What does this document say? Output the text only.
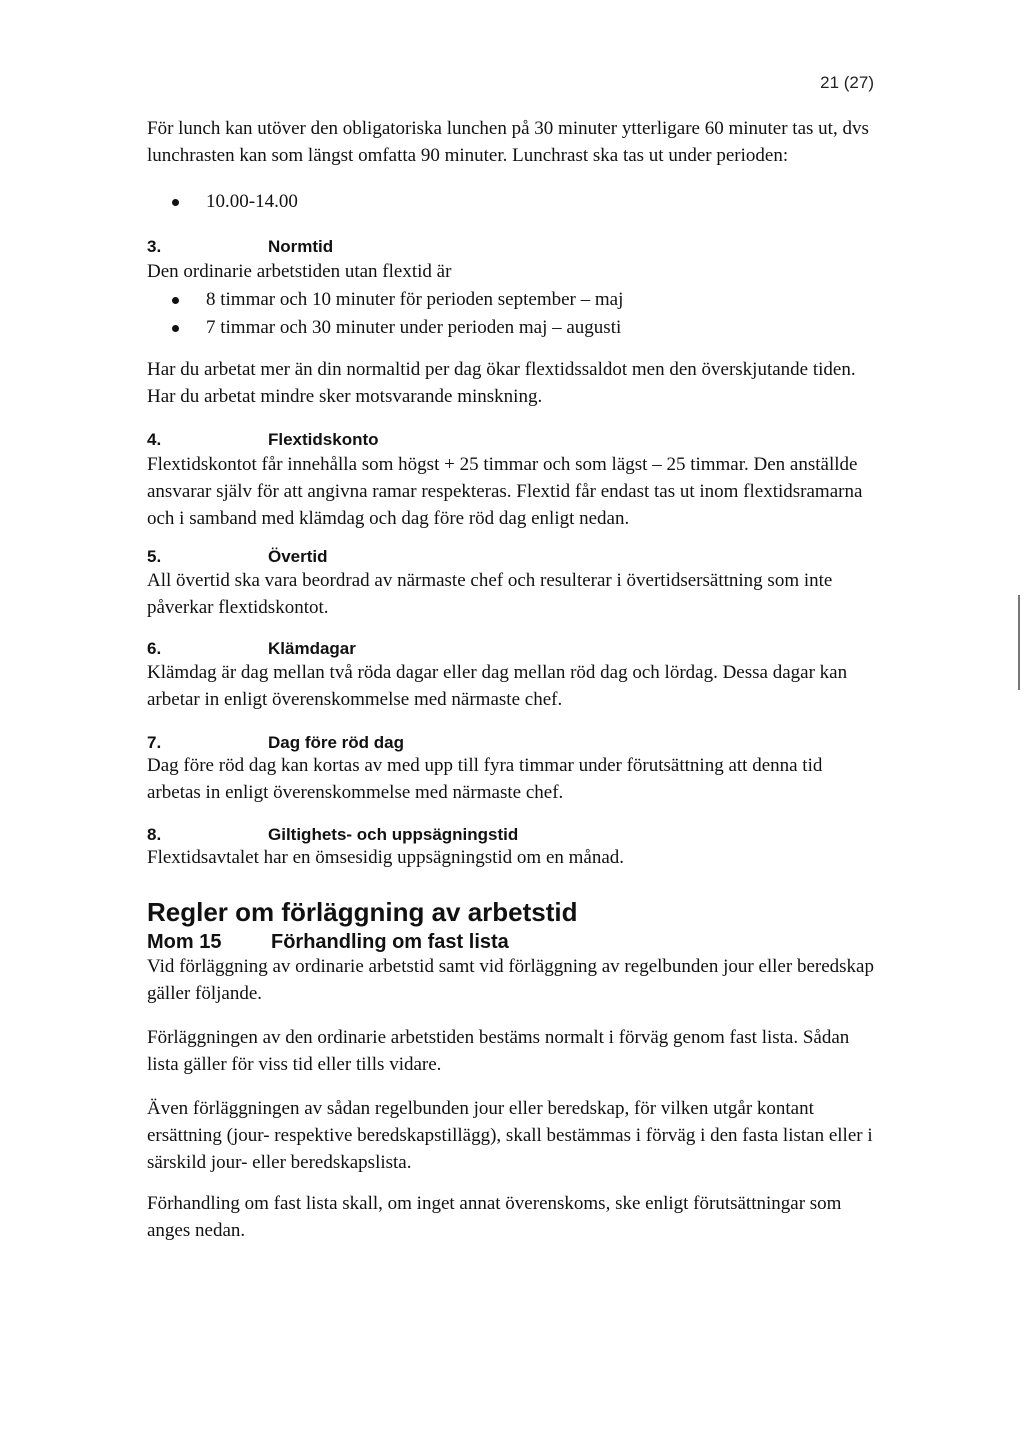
21 (27)

För lunch kan utöver den obligatoriska lunchen på 30 minuter ytterligare 60 minuter tas ut, dvs lunchrasten kan som längst omfatta 90 minuter. Lunchrast ska tas ut under perioden:

10.00-14.00
3.	Normtid

Den ordinarie arbetstiden utan flextid är

8 timmar och 10 minuter för perioden september – maj
7 timmar och 30 minuter under perioden maj – augusti

Har du arbetat mer än din normaltid per dag ökar flextidssaldot men den överskjutande tiden. Har du arbetat mindre sker motsvarande minskning.

4.	Flextidskonto

Flextidskontot får innehålla som högst + 25 timmar och som lägst – 25 timmar. Den anställde ansvarar själv för att angivna ramar respekteras. Flextid får endast tas ut inom flextidsramarna och i samband med klämdag och dag före röd dag enligt nedan.

5.	Övertid

All övertid ska vara beordrad av närmaste chef och resulterar i övertidsersättning som inte påverkar flextidskontot.

6.	Klämdagar

Klämdag är dag mellan två röda dagar eller dag mellan röd dag och lördag. Dessa dagar kan arbetar in enligt överenskommelse med närmaste chef.

7.	Dag före röd dag

Dag före röd dag kan kortas av med upp till fyra timmar under förutsättning att denna tid arbetas in enligt överenskommelse med närmaste chef.

8.	Giltighets- och uppsägningstid

Flextidsavtalet har en ömsesidig uppsägningstid om en månad.

Regler om förläggning av arbetstid
Mom 15 Förhandling om fast lista

Vid förläggning av ordinarie arbetstid samt vid förläggning av regelbunden jour eller beredskap gäller följande.

Förläggningen av den ordinarie arbetstiden bestäms normalt i förväg genom fast lista. Sådan lista gäller för viss tid eller tills vidare.

Även förläggningen av sådan regelbunden jour eller beredskap, för vilken utgår kontant ersättning (jour- respektive beredskapstillägg), skall bestämmas i förväg i den fasta listan eller i särskild jour- eller beredskapslista.

Förhandling om fast lista skall, om inget annat överenskoms, ske enligt förutsättningar som anges nedan.
